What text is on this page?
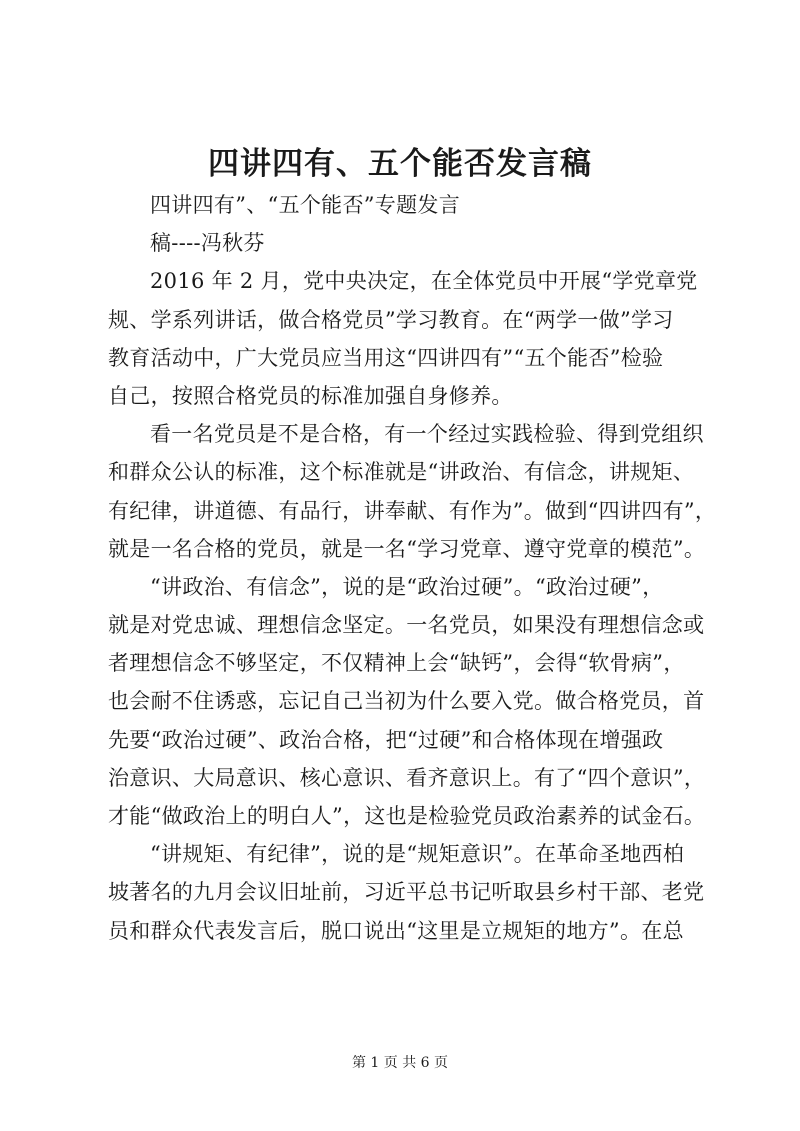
四讲四有、五个能否发言稿
四讲四有”、“五个能否”专题发言
稿----冯秋芬
2016 年 2 月，党中央决定，在全体党员中开展“学党章党
规、学系列讲话，做合格党员”学习教育。在“两学一做”学习
教育活动中，广大党员应当用这“四讲四有”“五个能否”检验
自己，按照合格党员的标准加强自身修养。
看一名党员是不是合格，有一个经过实践检验、得到党组织
和群众公认的标准，这个标准就是“讲政治、有信念，讲规矩、
有纪律，讲道德、有品行，讲奉献、有作为”。做到“四讲四有”，
就是一名合格的党员，就是一名“学习党章、遵守党章的模范”。
“讲政治、有信念”，说的是“政治过硬”。“政治过硬”，
就是对党忠诚、理想信念坚定。一名党员，如果没有理想信念或
者理想信念不够坚定，不仅精神上会“缺钙”，会得“软骨病”，
也会耐不住诱惑，忘记自己当初为什么要入党。做合格党员，首
先要“政治过硬”、政治合格，把“过硬”和合格体现在增强政
治意识、大局意识、核心意识、看齐意识上。有了“四个意识”，
才能“做政治上的明白人”，这也是检验党员政治素养的试金石。
“讲规矩、有纪律”，说的是“规矩意识”。在革命圣地西柏
坡著名的九月会议旧址前，习近平总书记听取县乡村干部、老党
员和群众代表发言后，脱口说出“这里是立规矩的地方”。在总
第 1 页 共 6 页
